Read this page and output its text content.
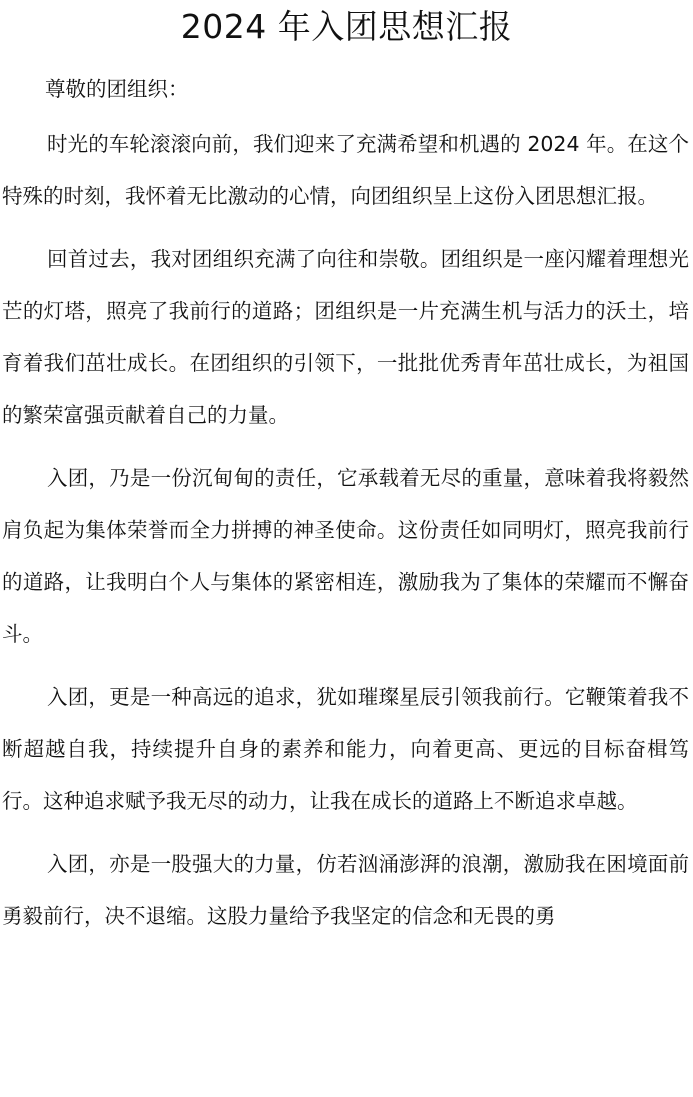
2024 年入团思想汇报

尊敬的团组织：

时光的车轮滚滚向前，我们迎来了充满希望和机遇的 2024 年。在这个特殊的时刻，我怀着无比激动的心情，向团组织呈上这份入团思想汇报。

回首过去，我对团组织充满了向往和崇敬。团组织是一座闪耀着理想光芒的灯塔，照亮了我前行的道路；团组织是一片充满生机与活力的沃土，培育着我们茁壮成长。在团组织的引领下，一批批优秀青年茁壮成长，为祖国的繁荣富强贡献着自己的力量。

入团，乃是一份沉甸甸的责任，它承载着无尽的重量，意味着我将毅然肩负起为集体荣誉而全力拼搏的神圣使命。这份责任如同明灯，照亮我前行的道路，让我明白个人与集体的紧密相连，激励我为了集体的荣耀而不懈奋斗。

入团，更是一种高远的追求，犹如璀璨星辰引领我前行。它鞭策着我不断超越自我，持续提升自身的素养和能力，向着更高、更远的目标奋楫笃行。这种追求赋予我无尽的动力，让我在成长的道路上不断追求卓越。

入团，亦是一股强大的力量，仿若汹涌澎湃的浪潮，激励我在困境面前勇毅前行，决不退缩。这股力量给予我坚定的信念和无畏的勇
